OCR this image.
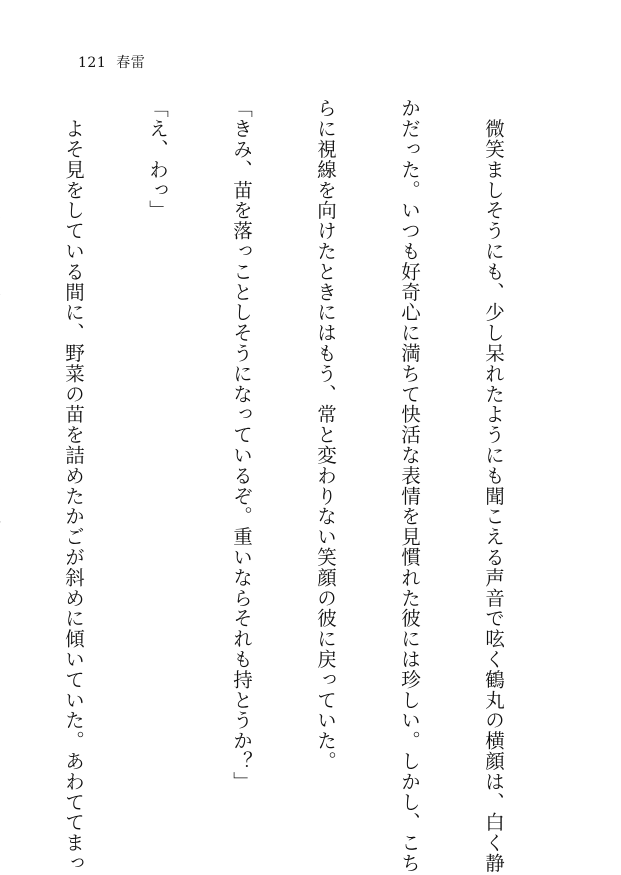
121 春雷

　微笑ましそうにも、少し呆れたようにも聞こえる声音で呟く鶴丸の横顔は、白く静

かだった。いつも好奇心に満ちて快活な表情を見慣れた彼には珍しい。しかし、こち

らに視線を向けたときにはもう、常と変わりない笑顔の彼に戻っていた。

「きみ、苗を落っことしそうになっているぞ。重いならそれも持とうか？」

「え、わっ」

　よそ見をしている間に、野菜の苗を詰めたかごが斜めに傾いていた。あわててまっ
